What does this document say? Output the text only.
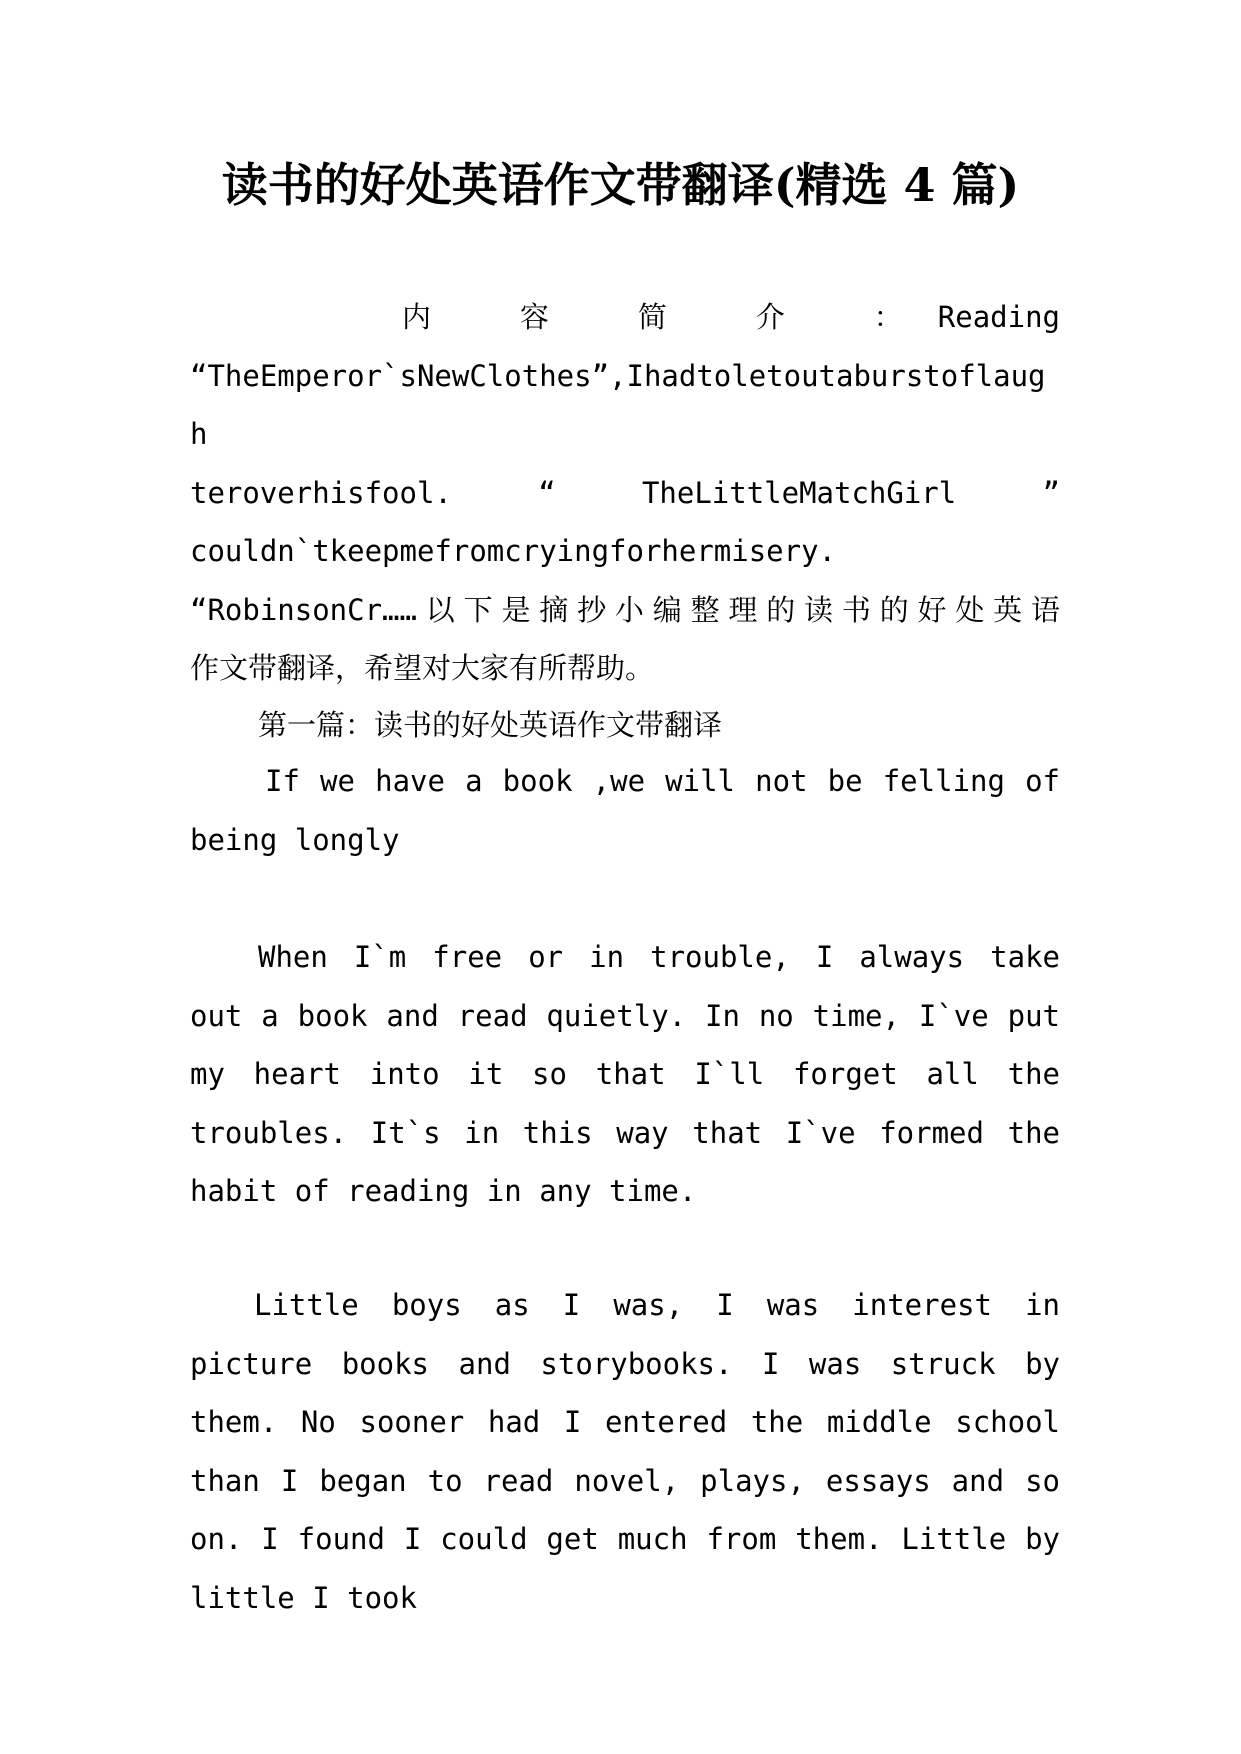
读书的好处英语作文带翻译(精选 4 篇)
内　　容　　简　　介　　：　Reading
“TheEmperor`sNewClothes”,Ihadtoletoutaburstoflaugh
teroverhisfool.　　“　　TheLittleMatchGirl　　”
couldn`tkeepmefromcryingforhermisery.
“RobinsonCr……以下是摘抄小编整理的读书的好处英语
作文带翻译，希望对大家有所帮助。

第一篇：读书的好处英语作文带翻译

If we have a book ,we will not be felling of being longly

When I`m free or in trouble, I always take out a book and read quietly. In no time, I`ve put my heart into it so that I`ll forget all the troubles. It`s in this way that I`ve formed the habit of reading in any time.

Little boys as I was, I was interest in picture books and storybooks. I was struck by them. No sooner had I entered the middle school than I began to read novel, plays, essays and so on. I found I could get much from them. Little by little I took
